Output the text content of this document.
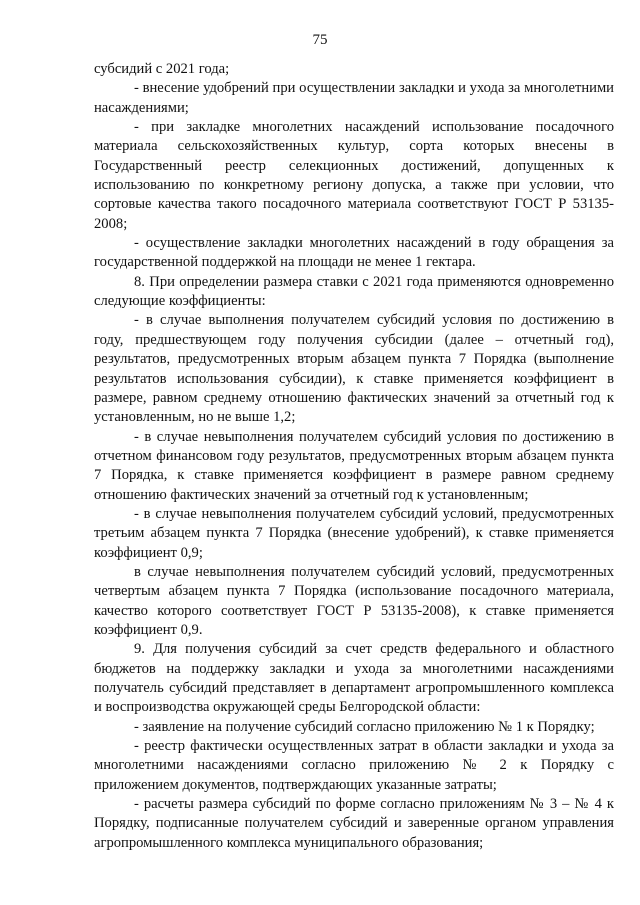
75

субсидий с 2021 года;

- внесение удобрений при осуществлении закладки и ухода за многолетними насаждениями;

- при закладке многолетних насаждений использование посадочного материала сельскохозяйственных культур, сорта которых внесены в Государственный реестр селекционных достижений, допущенных к использованию по конкретному региону допуска, а также при условии, что сортовые качества такого посадочного материала соответствуют ГОСТ Р 53135-2008;

- осуществление закладки многолетних насаждений в году обращения за государственной поддержкой на площади не менее 1 гектара.

8. При определении размера ставки с 2021 года применяются одновременно следующие коэффициенты:

- в случае выполнения получателем субсидий условия по достижению в году, предшествующем году получения субсидии (далее – отчетный год), результатов, предусмотренных вторым абзацем пункта 7 Порядка (выполнение результатов использования субсидии), к ставке применяется коэффициент в размере, равном среднему отношению фактических значений за отчетный год к установленным, но не выше 1,2;

- в случае невыполнения получателем субсидий условия по достижению в отчетном финансовом году результатов, предусмотренных вторым абзацем пункта 7 Порядка, к ставке применяется коэффициент в размере равном среднему отношению фактических значений за отчетный год к установленным;

- в случае невыполнения получателем субсидий условий, предусмотренных третьим абзацем пункта 7 Порядка (внесение удобрений), к ставке применяется коэффициент 0,9;

в случае невыполнения получателем субсидий условий, предусмотренных четвертым абзацем пункта 7 Порядка (использование посадочного материала, качество которого соответствует ГОСТ Р 53135-2008), к ставке применяется коэффициент 0,9.

9. Для получения субсидий за счет средств федерального и областного бюджетов на поддержку закладки и ухода за многолетними насаждениями получатель субсидий представляет в департамент агропромышленного комплекса и воспроизводства окружающей среды Белгородской области:

- заявление на получение субсидий согласно приложению № 1 к Порядку;

- реестр фактически осуществленных затрат в области закладки и ухода за многолетними насаждениями согласно приложению № 2 к Порядку с приложением документов, подтверждающих указанные затраты;

- расчеты размера субсидий по форме согласно приложениям № 3 – № 4 к Порядку, подписанные получателем субсидий и заверенные органом управления агропромышленного комплекса муниципального образования;
